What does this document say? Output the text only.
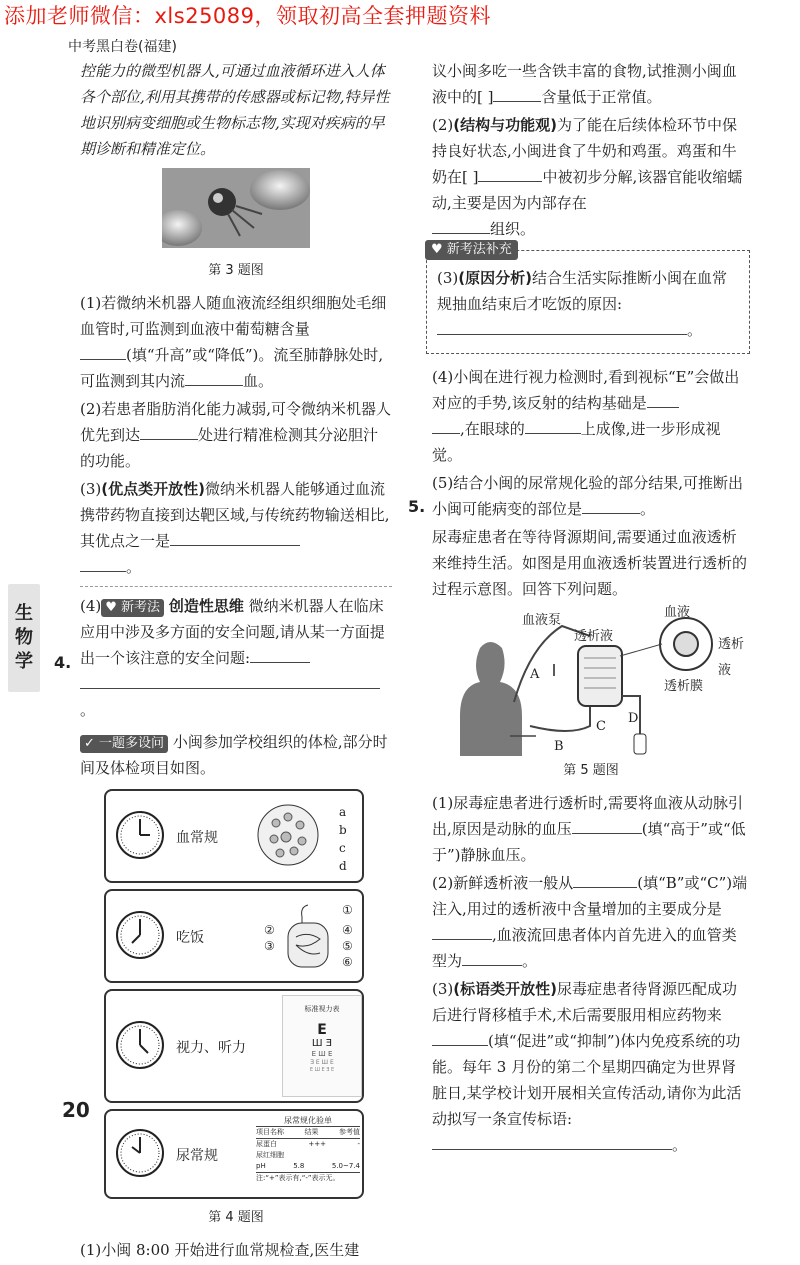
添加老师微信：xls25089，领取初高全套押题资料
中考黑白卷(福建)
生
物
学
20

控能力的微型机器人,可通过血液循环进入人体各个部位,利用其携带的传感器或标记物,特异性地识别病变细胞或生物标志物,实现对疾病的早期诊断和精准定位。

第 3 题图

(1)若微纳米机器人随血液流经组织细胞处毛细血管时,可监测到血液中葡萄糖含量
(填“升高”或“降低”)。流至肺静脉处时,可监测到其内流	血。

(2)若患者脂肪消化能力减弱,可令微纳米机器人优先到达	处进行精准检测其分泌胆汁的功能。

(3)(优点类开放性)微纳米机器人能够通过血流携带药物直接到达靶区域,与传统药物输送相比,其优点之一是
。

(4) ♥ 新考法 创造性思维 微纳米机器人在临床应用中涉及多方面的安全问题,请从某一方面提出一个该注意的安全问题:
。

4.

✓ 一题多设问 小闽参加学校组织的体检,部分时间及体检项目如图。

血常规
a
b
c
d
吃饭
①
②
③
④
⑤
⑥
视力、听力
标准视力表
E
Ш Ǝ
E Ш E
Ǝ E Ш E
E Ш E Ǝ E
尿常规
尿常规化验单
项目名称	结果	参考值
尿蛋白	+++	-
尿红细胞
pH	5.8	5.0~7.4
注:“+”表示有,“-”表示无。
第 4 题图

(1)小闽 8:00 开始进行血常规检查,医生建

议小闽多吃一些含铁丰富的食物,试推测小闽血液中的[ ]	含量低于正常值。

(2)(结构与功能观)为了能在后续体检环节中保持良好状态,小闽进食了牛奶和鸡蛋。鸡蛋和牛奶在[ ]	中被初步分解,该器官能收缩蠕动,主要是因为内部存在
组织。

♥ 新考法补充

(3)(原因分析)结合生活实际推断小闽在血常规抽血结束后才吃饭的原因:
。

(4)小闽在进行视力检测时,看到视标“E”会做出对应的手势,该反射的结构基础是
,在眼球的	上成像,进一步形成视觉。

(5)结合小闽的尿常规化验的部分结果,可推断出小闽可能病变的部位是	。

5.

尿毒症患者在等待肾源期间,需要通过血液透析来维持生活。如图是用血液透析装置进行透析的过程示意图。回答下列问题。

血液泵
透析液
血液
透析液
透析膜
A
B
C
D
第 5 题图

(1)尿毒症患者进行透析时,需要将血液从动脉引出,原因是动脉的血压	(填“高于”或“低于”)静脉血压。

(2)新鲜透析液一般从	(填“B”或“C”)端注入,用过的透析液中含量增加的主要成分是,血液流回患者体内首先进入的血管类型为	。

(3)(标语类开放性)尿毒症患者待肾源匹配成功后进行肾移植手术,术后需要服用相应药物来(填“促进”或“抑制”)体内免疫系统的功能。每年 3 月份的第二个星期四确定为世界肾脏日,某学校计划开展相关宣传活动,请你为此活动拟写一条宣传标语:
。
